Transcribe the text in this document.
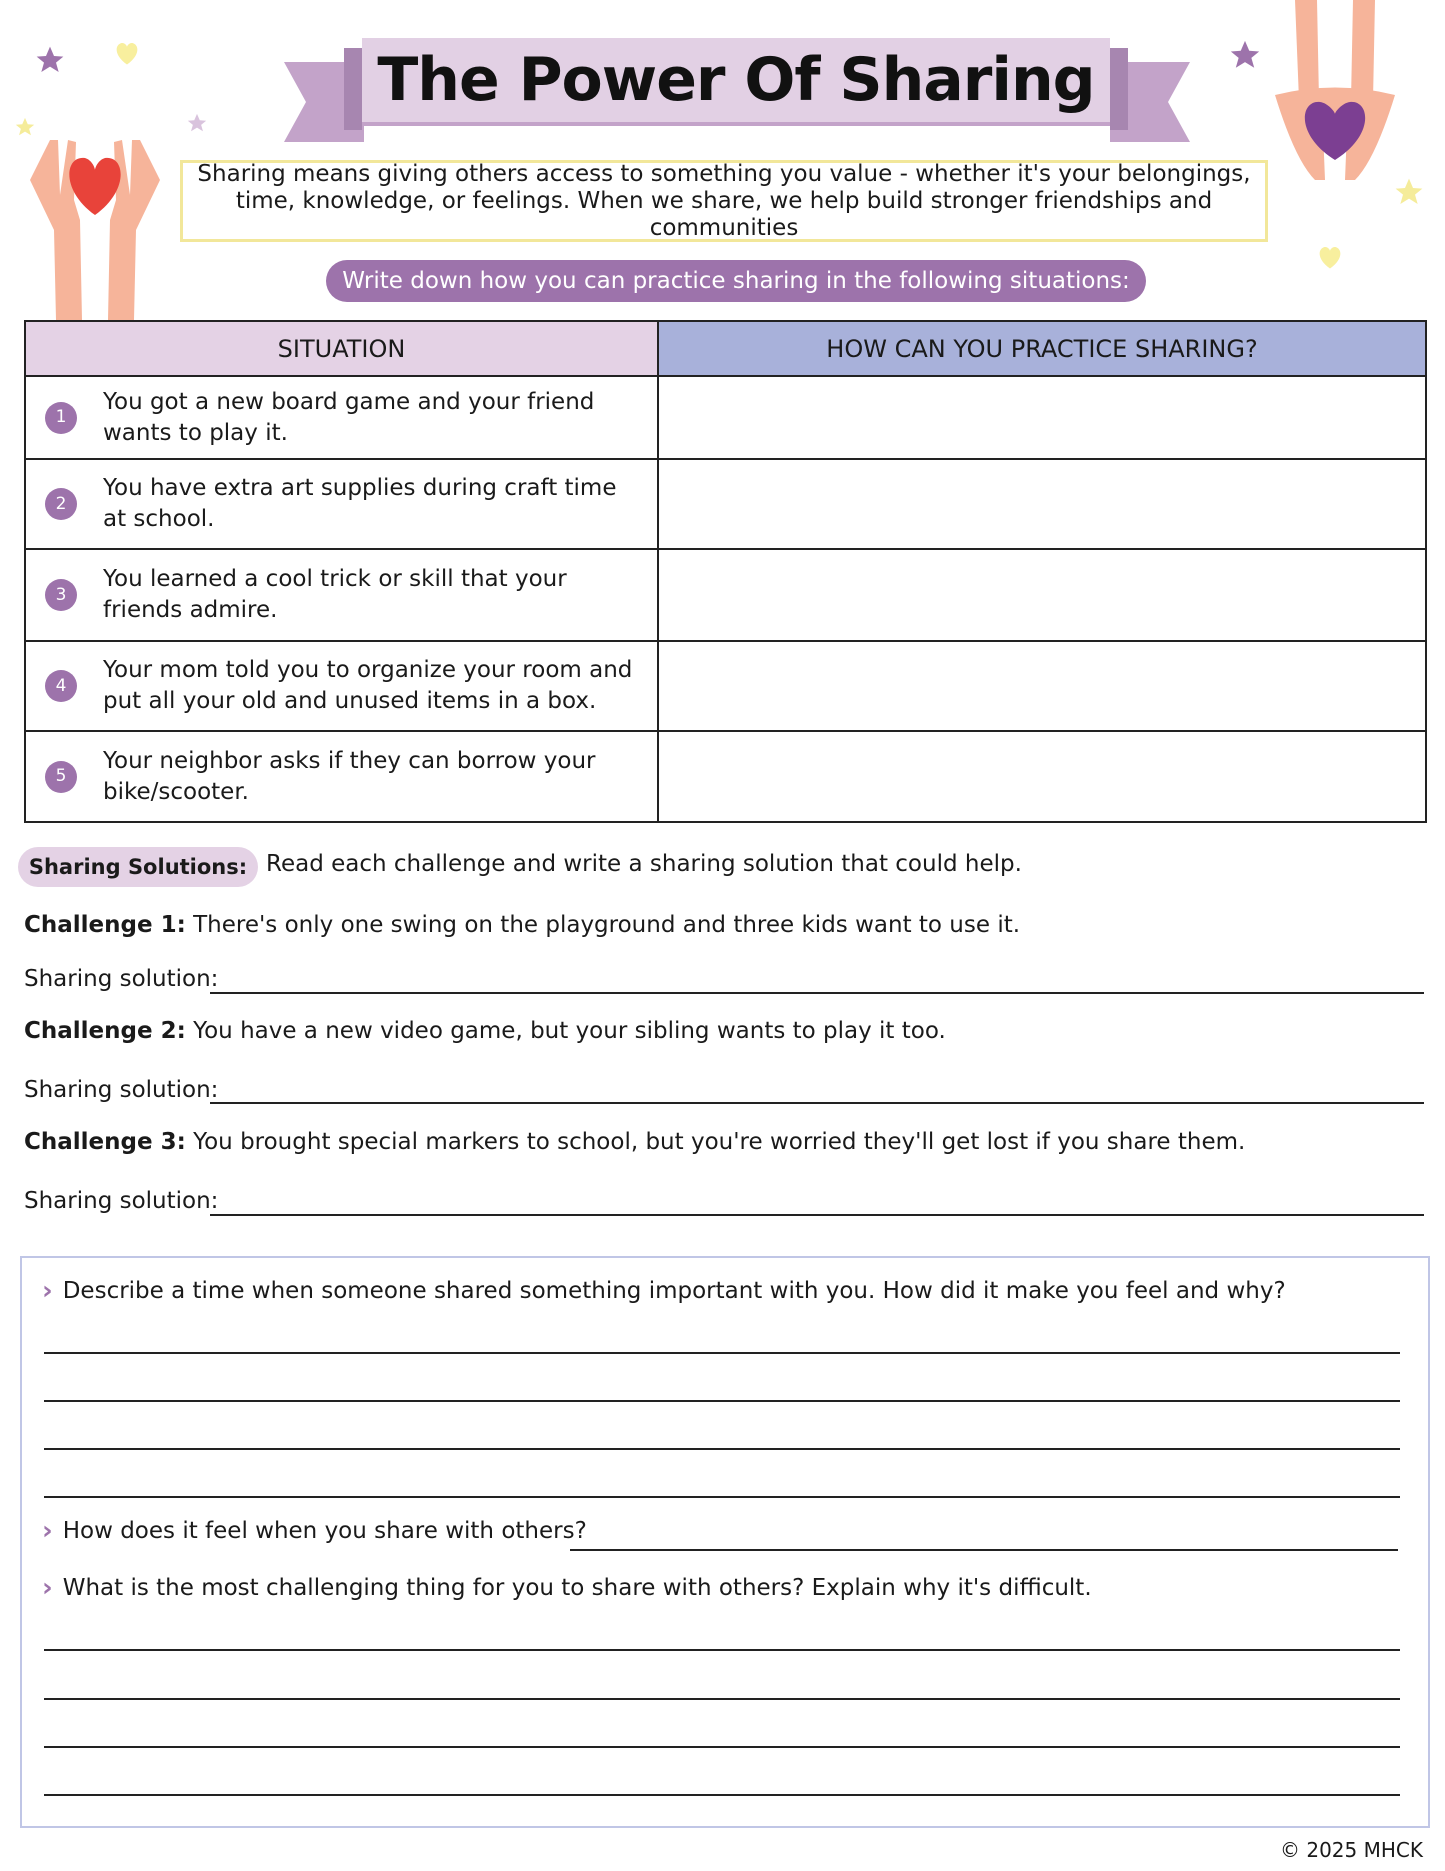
The Power Of Sharing
Sharing means giving others access to something you value - whether it's your belongings, time, knowledge, or feelings. When we share, we help build stronger friendships and communities
Write down how you can practice sharing in the following situations:
SITUATION	HOW CAN YOU PRACTICE SHARING?

1
You got a new board game and your friend wants to play it.	

2
You have extra art supplies during craft time at school.	

3
You learned a cool trick or skill that your friends admire.	

4
Your mom told you to organize your room and put all your old and unused items in a box.	

5
Your neighbor asks if they can borrow your bike/scooter.	

Sharing Solutions: Read each challenge and write a sharing solution that could help.
Challenge 1: There's only one swing on the playground and three kids want to use it.
Sharing solution:
Challenge 2: You have a new video game, but your sibling wants to play it too.
Sharing solution:
Challenge 3: You brought special markers to school, but you're worried they'll get lost if you share them.
Sharing solution:
› Describe a time when someone shared something important with you. How did it make you feel and why?
› How does it feel when you share with others?
› What is the most challenging thing for you to share with others? Explain why it's difficult.
© 2025 MHCK
